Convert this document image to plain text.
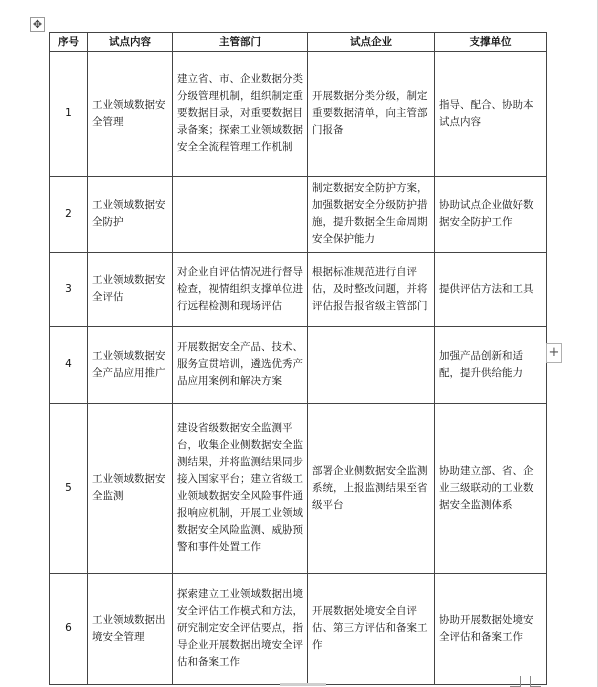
✥
序号	试点内容	主管部门	试点企业	支撑单位
1	工业领域数据安全管理	建立省、市、企业数据分类分级管理机制，组织制定重要数据目录，对重要数据目录备案；探索工业领域数据安全全流程管理工作机制	开展数据分类分级，制定重要数据清单，向主管部门报备	指导、配合、协助本试点内容
2	工业领域数据安全防护		制定数据安全防护方案，加强数据安全分级防护措施，提升数据全生命周期安全保护能力	协助试点企业做好数据安全防护工作
3	工业领域数据安全评估	对企业自评估情况进行督导检查，视情组织支撑单位进行远程检测和现场评估	根据标准规范进行自评估，及时整改问题，并将评估报告报省级主管部门	提供评估方法和工具
4	工业领域数据安全产品应用推广	开展数据安全产品、技术、服务宣贯培训，遴选优秀产品应用案例和解决方案		加强产品创新和适配，提升供给能力
5	工业领域数据安全监测	建设省级数据安全监测平台，收集企业侧数据安全监测结果，并将监测结果同步接入国家平台；建立省级工业领域数据安全风险事件通报响应机制，开展工业领域数据安全风险监测、威胁预警和事件处置工作	部署企业侧数据安全监测系统，上报监测结果至省级平台	协助建立部、省、企业三级联动的工业数据安全监测体系
6	工业领域数据出境安全管理	探索建立工业领域数据出境安全评估工作模式和方法，研究制定安全评估要点，指导企业开展数据出境安全评估和备案工作	开展数据处境安全自评估、第三方评估和备案工作	协助开展数据处境安全评估和备案工作
+
